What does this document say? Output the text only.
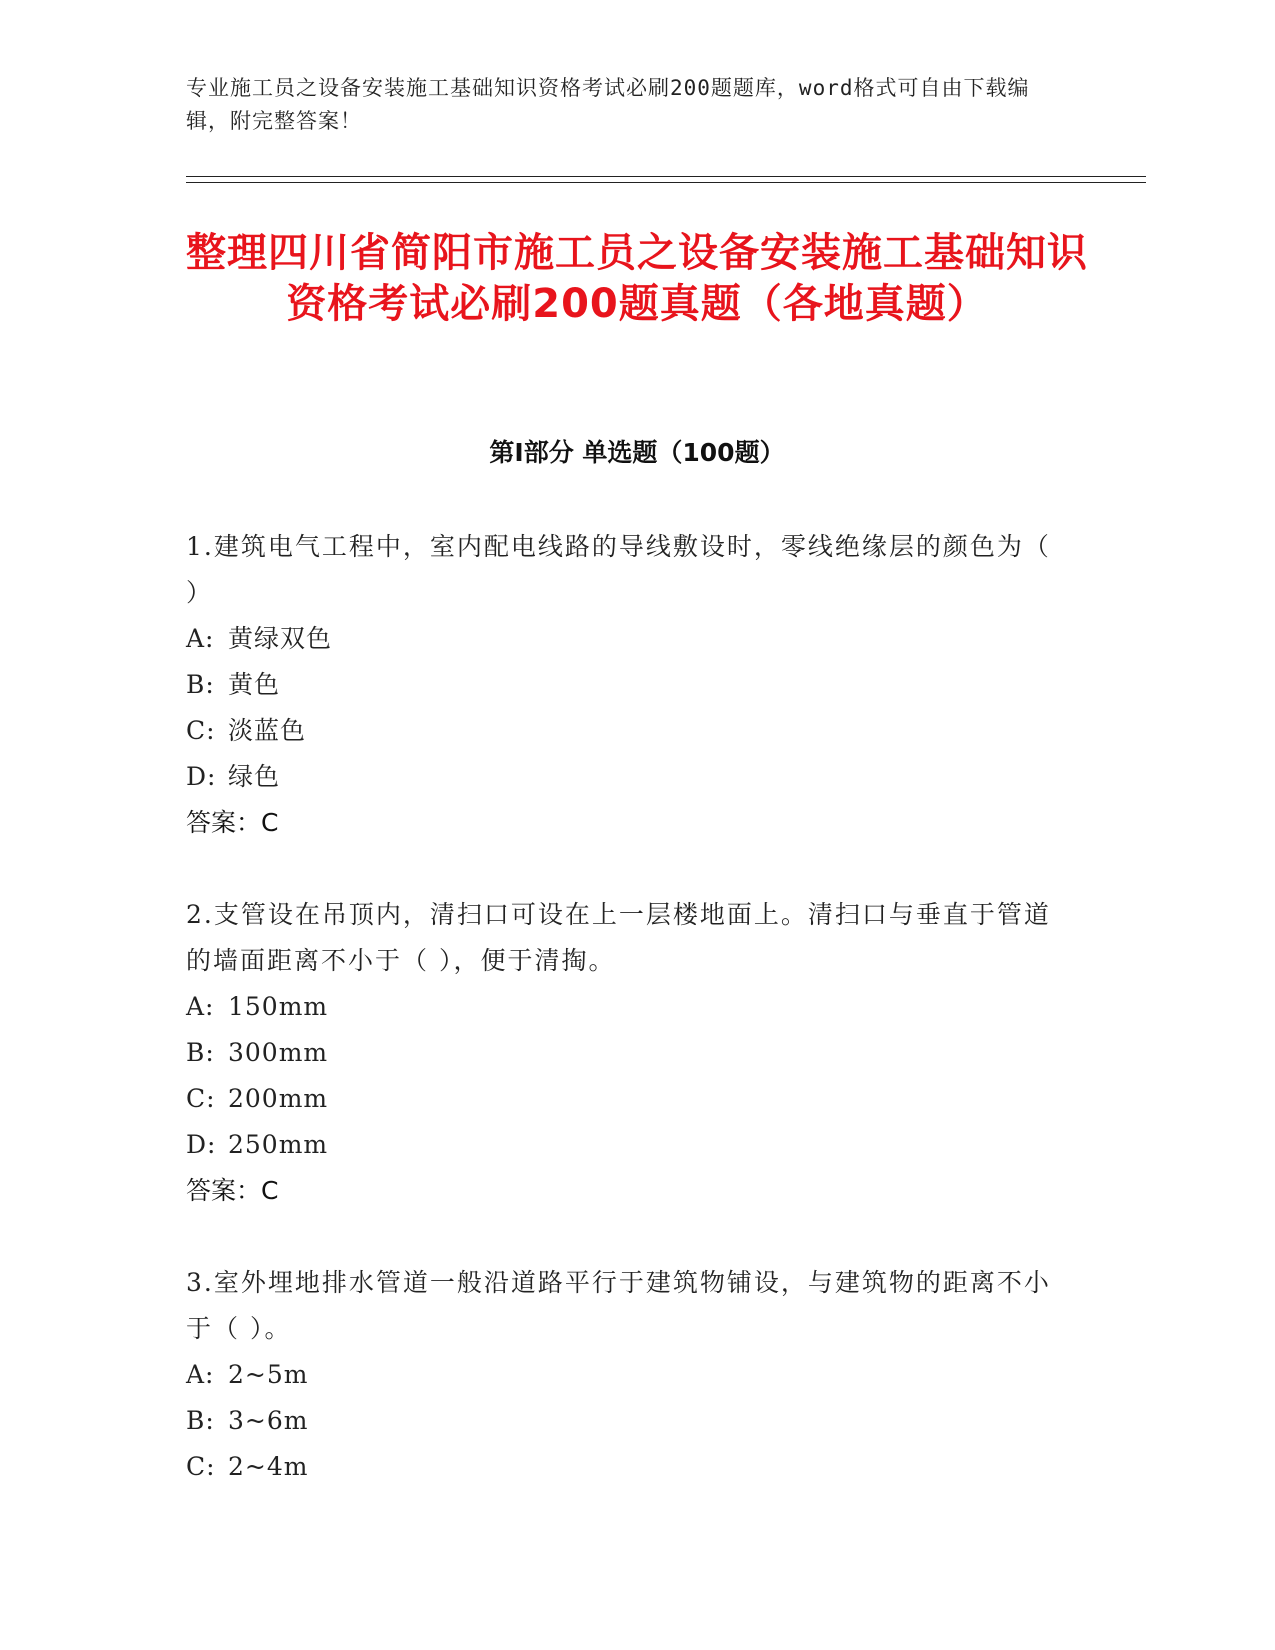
专业施工员之设备安装施工基础知识资格考试必刷200题题库，word格式可自由下载编辑，附完整答案！
整理四川省简阳市施工员之设备安装施工基础知识资格考试必刷200题真题（各地真题）
第Ⅰ部分 单选题（100题）

1.建筑电气工程中，室内配电线路的导线敷设时，零线绝缘层的颜色为（ ）

A: 黄绿双色
B: 黄色
C: 淡蓝色
D: 绿色
答案：C

2.支管设在吊顶内，清扫口可设在上一层楼地面上。清扫口与垂直于管道的墙面距离不小于（ ），便于清掏。

A: 150mm
B: 300mm
C: 200mm
D: 250mm
答案：C

3.室外埋地排水管道一般沿道路平行于建筑物铺设，与建筑物的距离不小于（ ）。

A: 2~5m
B: 3~6m
C: 2~4m
